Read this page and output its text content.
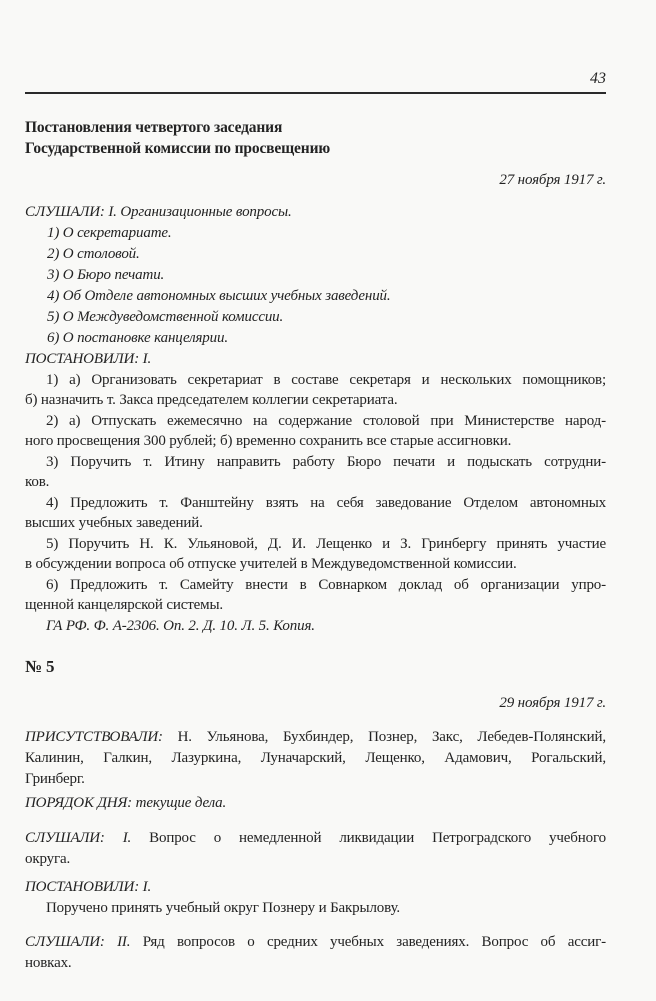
43
Постановления четвертого заседания
Государственной комиссии по просвещению
27 ноября 1917 г.
СЛУШАЛИ: I. Организационные вопросы.
1) О секретариате.
2) О столовой.
3) О Бюро печати.
4) Об Отделе автономных высших учебных заведений.
5) О Междуведомственной комиссии.
6) О постановке канцелярии.
ПОСТАНОВИЛИ: I.
1) а) Организовать секретариат в составе секретаря и нескольких помощников;
б) назначить т. Закса председателем коллегии секретариата.
2) а) Отпускать ежемесячно на содержание столовой при Министерстве народ-
ного просвещения 300 рублей; б) временно сохранить все старые ассигновки.
3) Поручить т. Итину направить работу Бюро печати и подыскать сотрудни-
ков.
4) Предложить т. Фанштейну взять на себя заведование Отделом автономных
высших учебных заведений.
5) Поручить Н. К. Ульяновой, Д. И. Лещенко и З. Гринбергу принять участие
в обсуждении вопроса об отпуске учителей в Междуведомственной комиссии.
6) Предложить т. Самейту внести в Совнарком доклад об организации упро-
щенной канцелярской системы.
ГА РФ. Ф. А-2306. Оп. 2. Д. 10. Л. 5. Копия.
№ 5
29 ноября 1917 г.
ПРИСУТСТВОВАЛИ: Н. Ульянова, Бухбиндер, Познер, Закс, Лебедев-Полянский,
Калинин, Галкин, Лазуркина, Луначарский, Лещенко, Адамович, Рогальский,
Гринберг.
ПОРЯДОК ДНЯ: текущие дела.
СЛУШАЛИ: I. Вопрос о немедленной ликвидации Петроградского учебного
округа.
ПОСТАНОВИЛИ: I.
Поручено принять учебный округ Познеру и Бакрылову.
СЛУШАЛИ: II. Ряд вопросов о средних учебных заведениях. Вопрос об ассиг-
новках.
